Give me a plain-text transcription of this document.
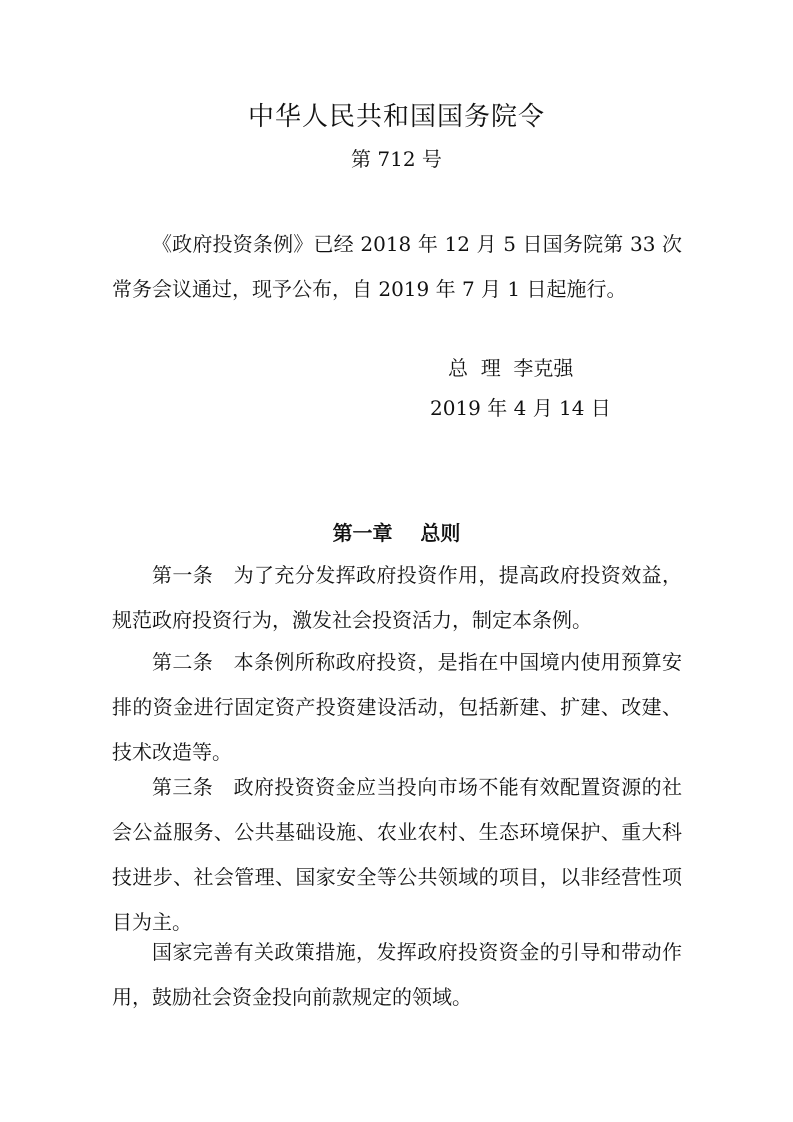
中华人民共和国国务院令
第 712 号

《政府投资条例》已经 2018 年 12 月 5 日国务院第 33 次常务会议通过，现予公布，自 2019 年 7 月 1 日起施行。

总  理  李克强
2019 年 4 月 14 日
第一章    总则

第一条　 为了充分发挥政府投资作用，提高政府投资效益，规范政府投资行为，激发社会投资活力，制定本条例。

第二条　 本条例所称政府投资，是指在中国境内使用预算安排的资金进行固定资产投资建设活动，包括新建、扩建、改建、技术改造等。

第三条　 政府投资资金应当投向市场不能有效配置资源的社会公益服务、公共基础设施、农业农村、生态环境保护、重大科技进步、社会管理、国家安全等公共领域的项目，以非经营性项目为主。

国家完善有关政策措施，发挥政府投资资金的引导和带动作用，鼓励社会资金投向前款规定的领域。
